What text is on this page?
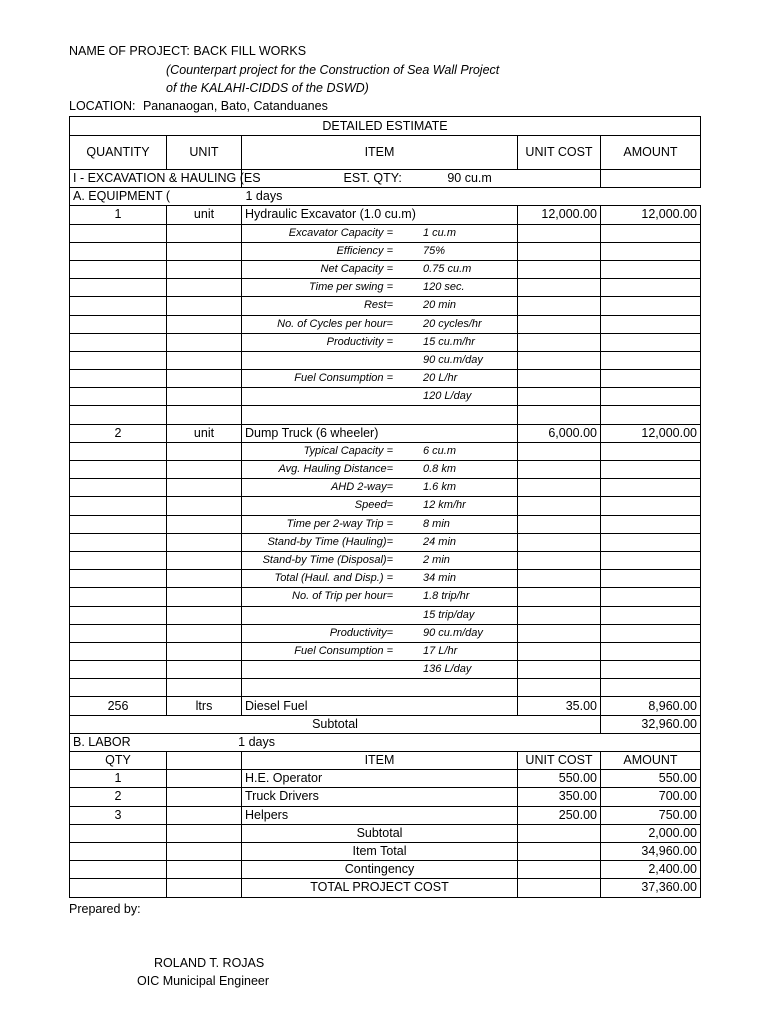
NAME OF PROJECT: BACK FILL WORKS
(Counterpart project for the Construction of Sea Wall Project
of the KALAHI-CIDDS of the DSWD)
LOCATION: Pananaogan, Bato, Catanduanes
DETAILED ESTIMATE				
QUANTITY	UNIT	ITEM	UNIT COST	AMOUNT
I - EXCAVATION & HAULING (ES		EST. QTY: 90 cu.m		
A. EQUIPMENT ( 1 days				
1	unit	Hydraulic Excavator (1.0 cu.m)	12,000.00	12,000.00
		Excavator Capacity = 1 cu.m		
		Efficiency = 75%		
		Net Capacity = 0.75 cu.m		
		Time per swing = 120 sec.		
		Rest= 20 min		
		No. of Cycles per hour= 20 cycles/hr		
		Productivity = 15 cu.m/hr		
		90 cu.m/day		
		Fuel Consumption = 20 L/hr		
		120 L/day		

2	unit	Dump Truck (6 wheeler)	6,000.00	12,000.00
		Typical Capacity = 6 cu.m		
		Avg. Hauling Distance= 0.8 km		
		AHD 2-way= 1.6 km		
		Speed= 12 km/hr		
		Time per 2-way Trip = 8 min		
		Stand-by Time (Hauling)= 24 min		
		Stand-by Time (Disposal)= 2 min		
		Total (Haul. and Disp.) = 34 min		
		No. of Trip per hour= 1.8 trip/hr		
		15 trip/day		
		Productivity= 90 cu.m/day		
		Fuel Consumption = 17 L/hr		
		136 L/day		

256	ltrs	Diesel Fuel	35.00	8,960.00
Subtotal				32,960.00
B. LABOR 1 days				
QTY		ITEM	UNIT COST	AMOUNT
1		H.E. Operator	550.00	550.00
2		Truck Drivers	350.00	700.00
3		Helpers	250.00	750.00
		Subtotal		2,000.00
		Item Total		34,960.00
		Contingency		2,400.00
		TOTAL PROJECT COST		37,360.00
Prepared by:
ROLAND T. ROJAS
OIC Municipal Engineer
